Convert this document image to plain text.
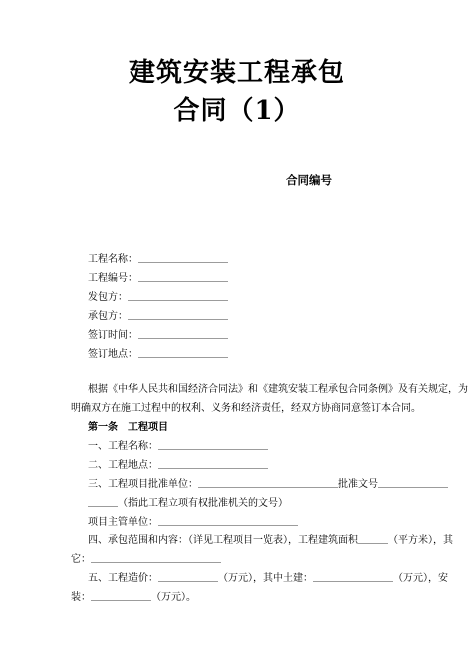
建筑安装工程承包
合同（1）
合同编号
工程名称：＿＿＿＿＿＿＿＿＿
工程编号：＿＿＿＿＿＿＿＿＿
发包方：＿＿＿＿＿＿＿＿＿＿
承包方：＿＿＿＿＿＿＿＿＿＿
签订时间：＿＿＿＿＿＿＿＿＿
签订地点：＿＿＿＿＿＿＿＿＿
根据《中华人民共和国经济合同法》和《建筑安装工程承包合同条例》及有关规定，为
明确双方在施工过程中的权利、义务和经济责任，经双方协商同意签订本合同。
第一条　工程项目
一、工程名称：＿＿＿＿＿＿＿＿＿＿＿
二、工程地点：＿＿＿＿＿＿＿＿＿＿＿
三、工程项目批准单位：＿＿＿＿＿＿＿＿＿＿＿＿＿＿批准文号＿＿＿＿＿＿＿
＿＿＿（指此工程立项有权批准机关的文号）
项目主管单位：＿＿＿＿＿＿＿＿＿＿＿＿＿＿
四、承包范围和内容：（详见工程项目一览表），工程建筑面积＿＿＿（平方米），其
它：＿＿＿＿＿＿＿＿＿＿＿＿＿
五、工程造价：＿＿＿＿＿＿（万元），其中土建：＿＿＿＿＿＿＿＿（万元），安
装：＿＿＿＿＿＿（万元）。
